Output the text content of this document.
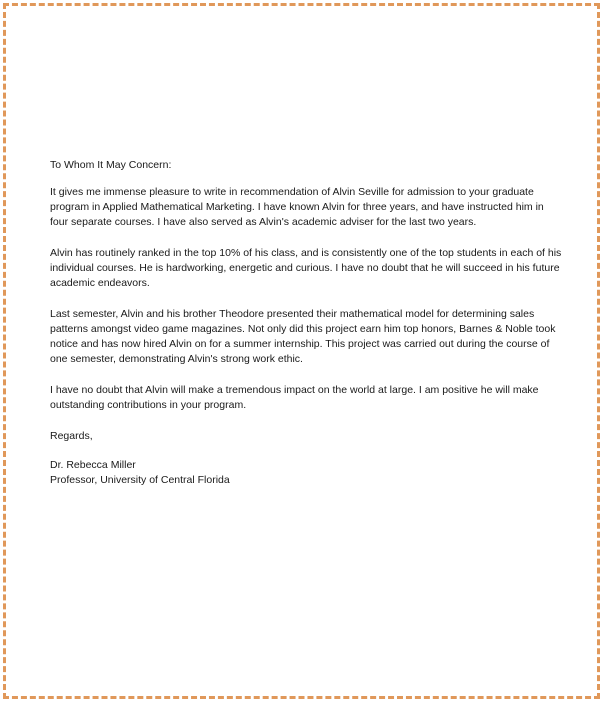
To Whom It May Concern:

It gives me immense pleasure to write in recommendation of Alvin Seville for admission to your graduate program in Applied Mathematical Marketing. I have known Alvin for three years, and have instructed him in four separate courses. I have also served as Alvin's academic adviser for the last two years.

Alvin has routinely ranked in the top 10% of his class, and is consistently one of the top students in each of his individual courses. He is hardworking, energetic and curious. I have no doubt that he will succeed in his future academic endeavors.

Last semester, Alvin and his brother Theodore presented their mathematical model for determining sales patterns amongst video game magazines. Not only did this project earn him top honors, Barnes & Noble took notice and has now hired Alvin on for a summer internship. This project was carried out during the course of one semester, demonstrating Alvin's strong work ethic.

I have no doubt that Alvin will make a tremendous impact on the world at large. I am positive he will make outstanding contributions in your program.

Regards,

Dr. Rebecca Miller

Professor, University of Central Florida
